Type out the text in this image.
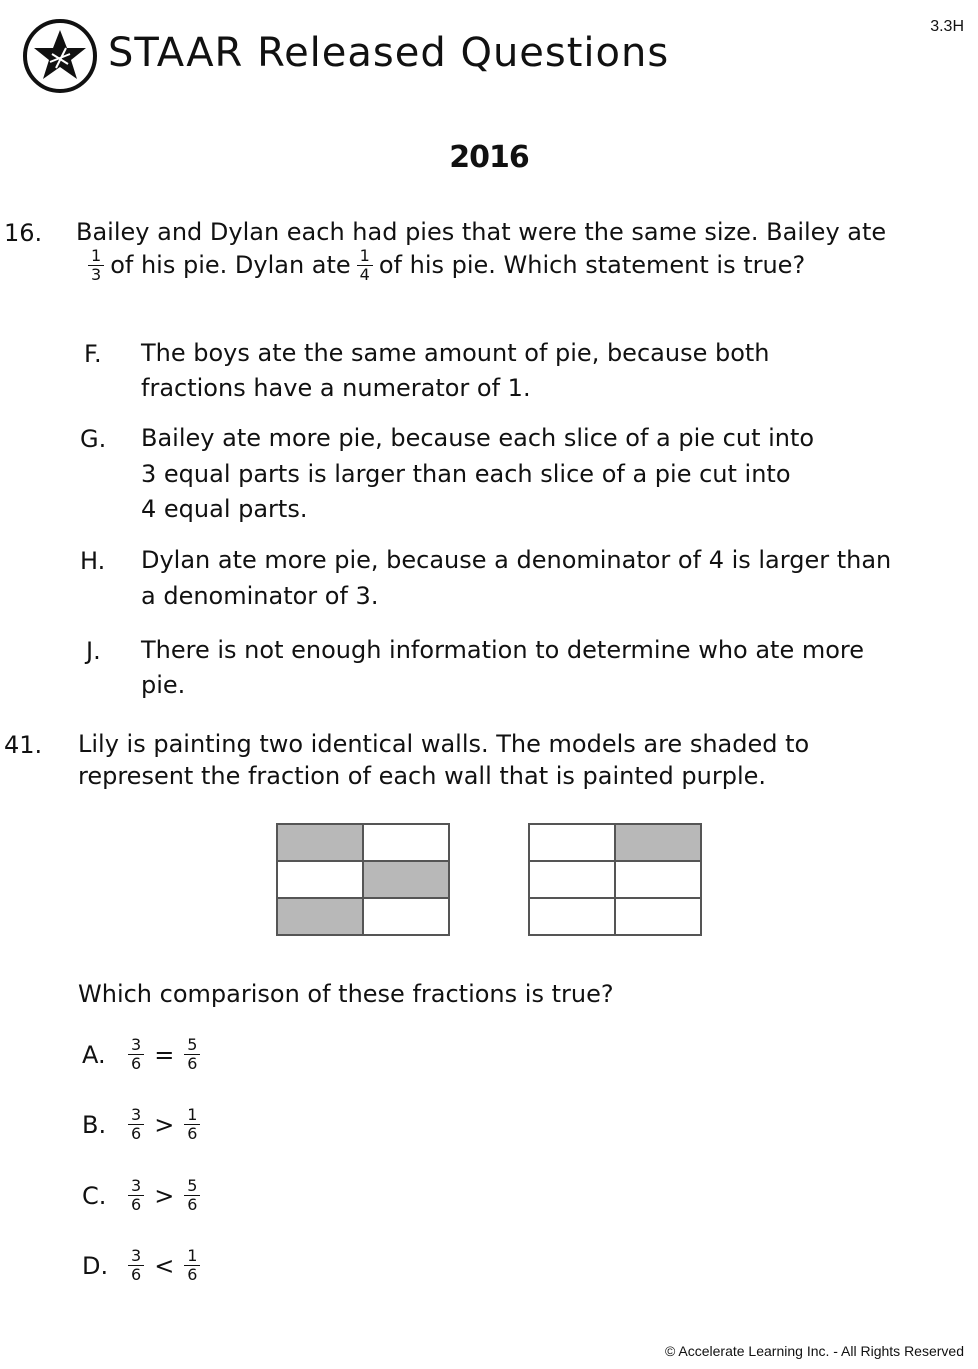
STAAR Released Questions
3.3H
2016
16. Bailey and Dylan each had pies that were the same size. Bailey ate
$\frac{1}{3}$ of his pie. Dylan ate $\frac{1}{4}$ of his pie. Which statement is true?
F. The boys ate the same amount of pie, because both
fractions have a numerator of 1.
G. Bailey ate more pie, because each slice of a pie cut into
3 equal parts is larger than each slice of a pie cut into
4 equal parts.
H. Dylan ate more pie, because a denominator of 4 is larger than
a denominator of 3.
J. There is not enough information to determine who ate more
pie.
41. Lily is painting two identical walls. The models are shaded to
represent the fraction of each wall that is painted purple.

Which comparison of these fractions is true?
A.	$\frac{3}{6} = \frac{5}{6}$
B.	$\frac{3}{6} > \frac{1}{6}$
C.	$\frac{3}{6} > \frac{5}{6}$
D.	$\frac{3}{6} < \frac{1}{6}$
© Accelerate Learning Inc. - All Rights Reserved
